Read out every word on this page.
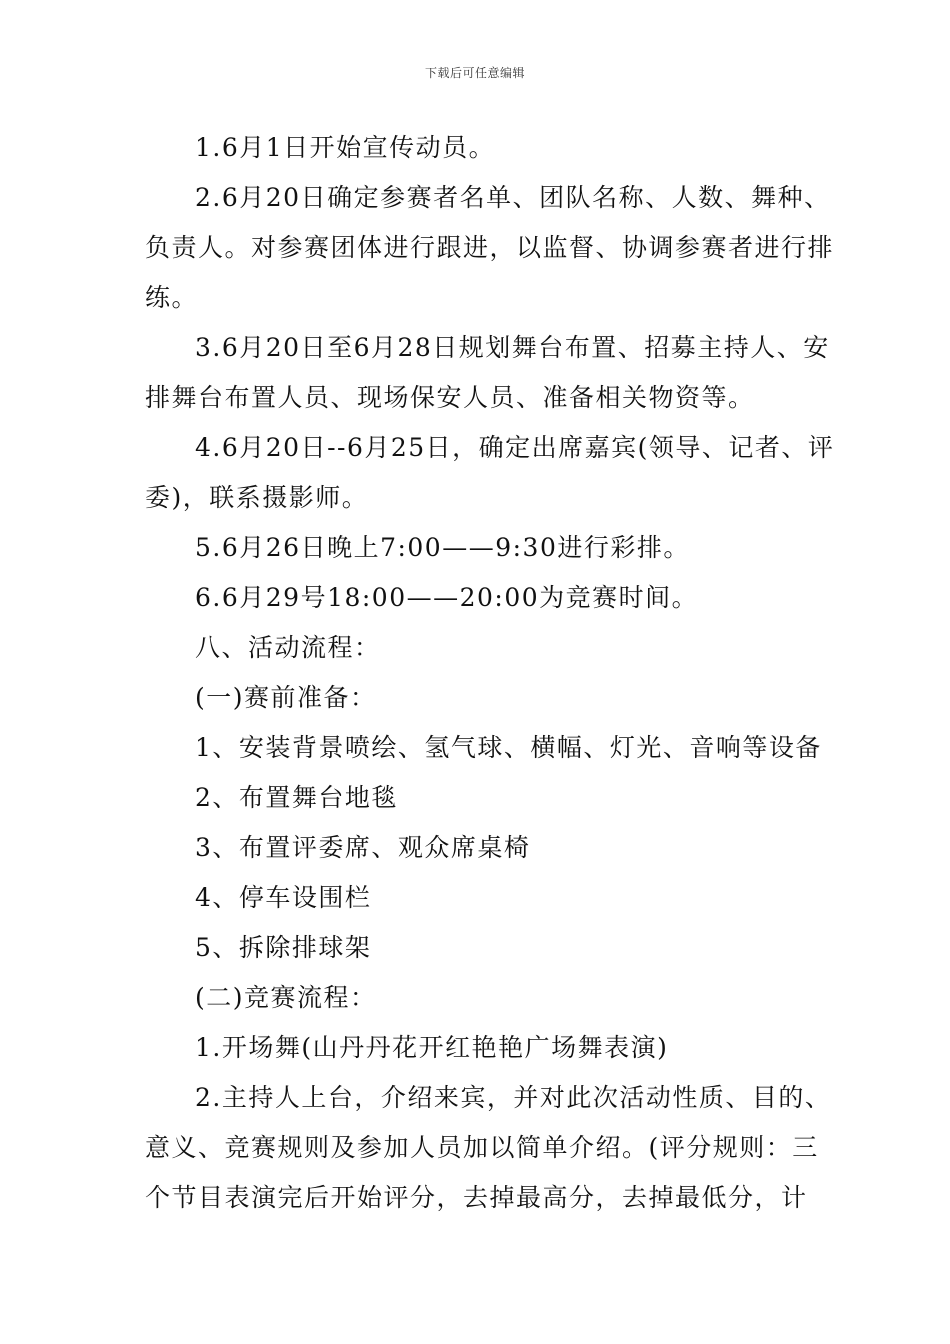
下载后可任意编辑

1.6月1日开始宣传动员。

2.6月20日确定参赛者名单、团队名称、人数、舞种、负责人。对参赛团体进行跟进，以监督、协调参赛者进行排练。

3.6月20日至6月28日规划舞台布置、招募主持人、安排舞台布置人员、现场保安人员、准备相关物资等。

4.6月20日--6月25日，确定出席嘉宾(领导、记者、评委)，联系摄影师。

5.6月26日晚上7:00——9:30进行彩排。

6.6月29号18:00——20:00为竞赛时间。

八、活动流程：

(一)赛前准备：

1、安装背景喷绘、氢气球、横幅、灯光、音响等设备

2、布置舞台地毯

3、布置评委席、观众席桌椅

4、停车设围栏

5、拆除排球架

(二)竞赛流程：

1.开场舞(山丹丹花开红艳艳广场舞表演)

2.主持人上台，介绍来宾，并对此次活动性质、目的、意义、竞赛规则及参加人员加以简单介绍。(评分规则：三个节目表演完后开始评分，去掉最高分，去掉最低分，计
